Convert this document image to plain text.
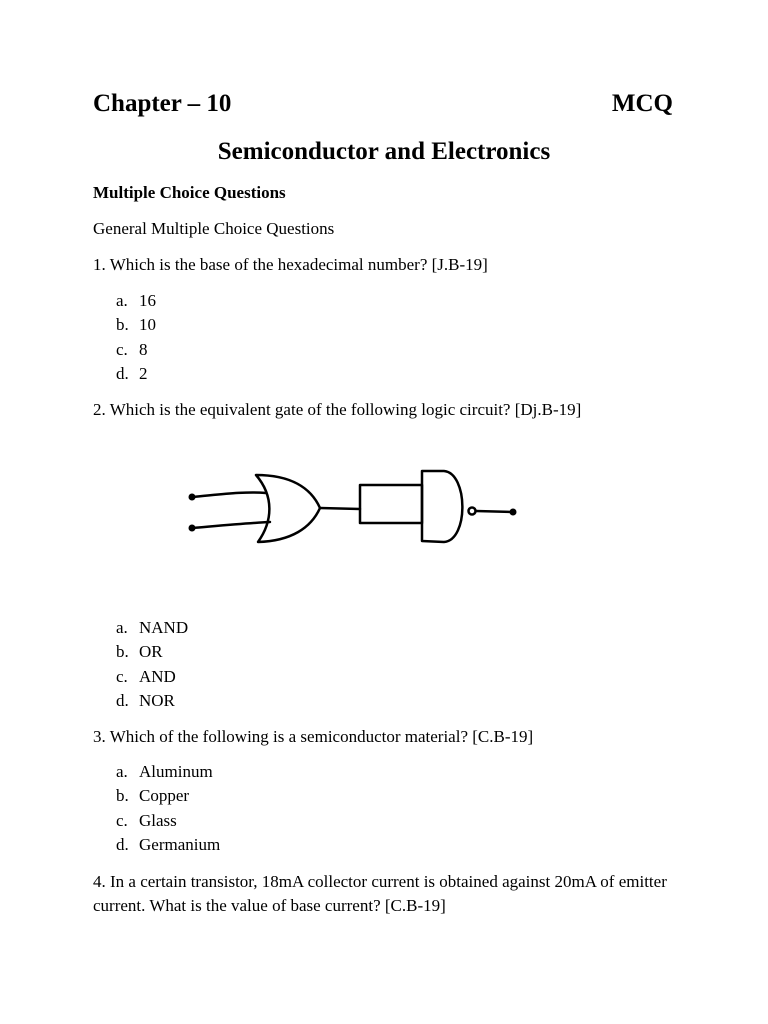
Chapter – 10	MCQ
Semiconductor and Electronics
Multiple Choice Questions
General Multiple Choice Questions
1. Which is the base of the hexadecimal number? [J.B-19]
a. 16
b. 10
c. 8
d. 2
2. Which is the equivalent gate of the following logic circuit? [Dj.B-19]
a. NAND
b. OR
c. AND
d. NOR
3. Which of the following is a semiconductor material? [C.B-19]
a. Aluminum
b. Copper
c. Glass
d. Germanium
4. In a certain transistor, 18mA collector current is obtained against 20mA of emitter current. What is the value of base current? [C.B-19]
